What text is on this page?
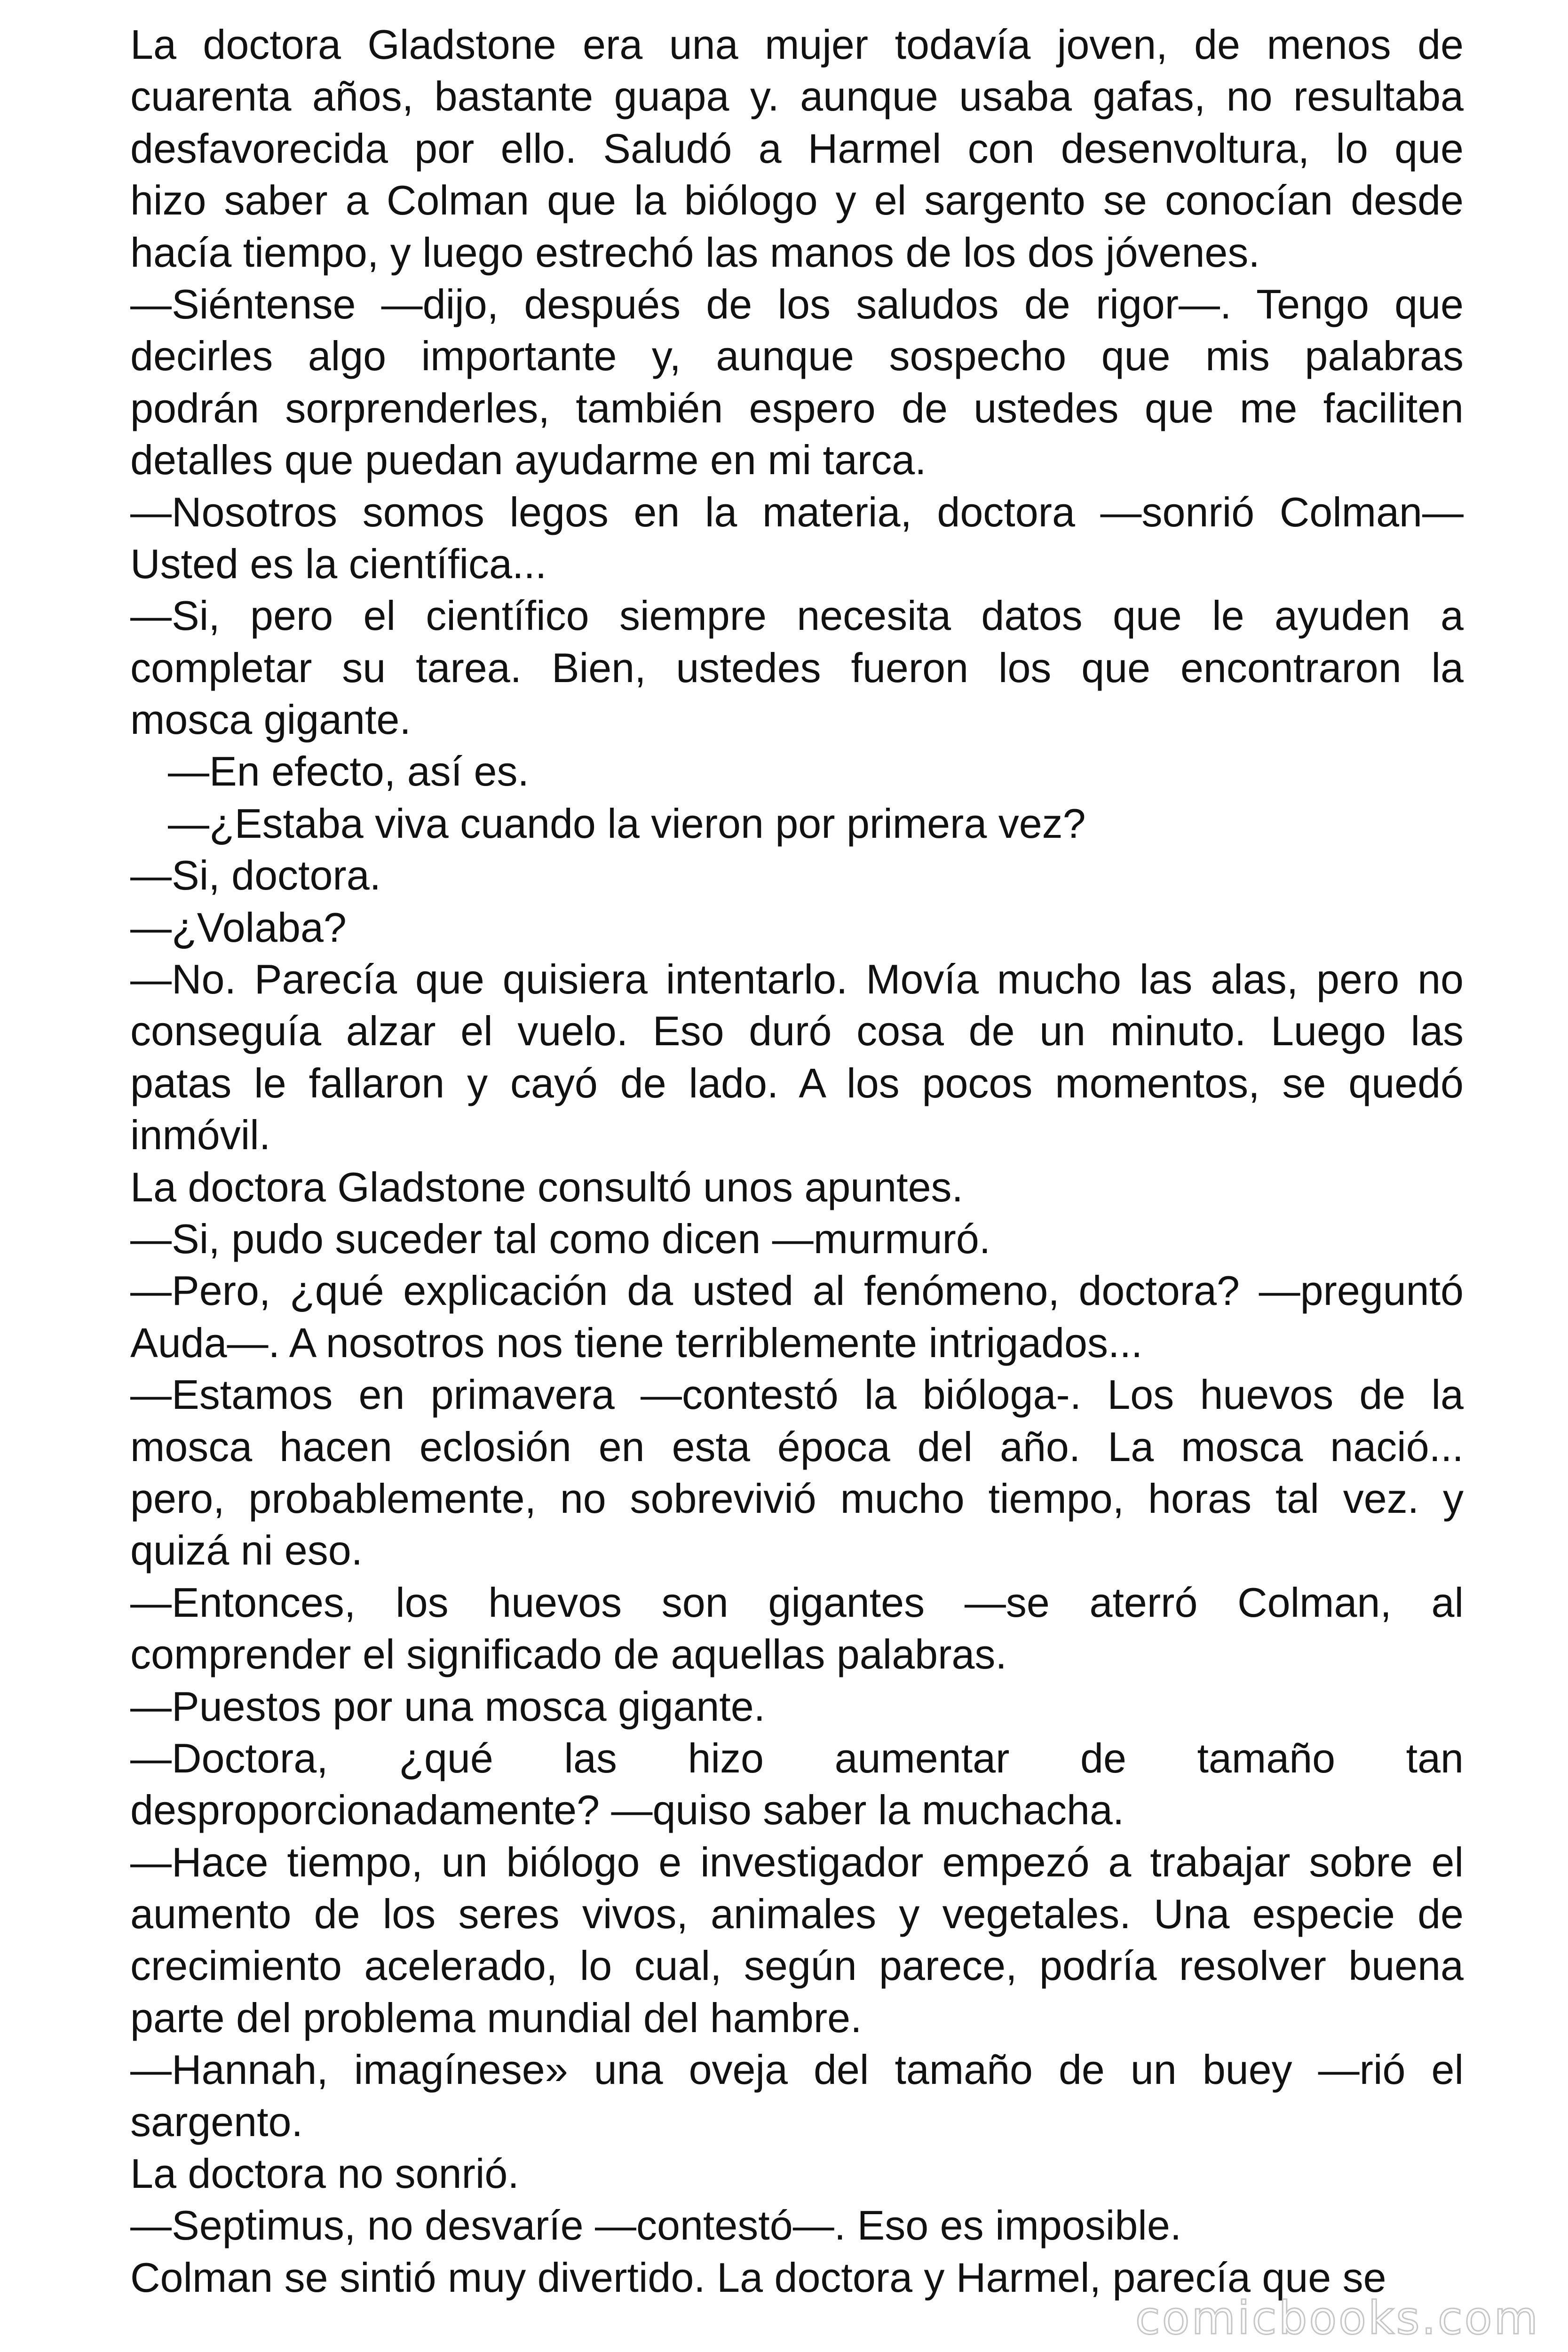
La doctora Gladstone era una mujer todavía joven, de menos de
cuarenta años, bastante guapa y. aunque usaba gafas, no resultaba
desfavorecida por ello. Saludó a Harmel con desenvoltura, lo que
hizo saber a Colman que la biólogo y el sargento se conocían desde
hacía tiempo, y luego estrechó las manos de los dos jóvenes.
—Siéntense —dijo, después de los saludos de rigor—. Tengo que
decirles algo importante y, aunque sospecho que mis palabras
podrán sorprenderles, también espero de ustedes que me faciliten
detalles que puedan ayudarme en mi tarca.
—Nosotros somos legos en la materia, doctora —sonrió Colman—
Usted es la científica...
—Si, pero el científico siempre necesita datos que le ayuden a
completar su tarea. Bien, ustedes fueron los que encontraron la
mosca gigante.
—En efecto, así es.
—¿Estaba viva cuando la vieron por primera vez?
—Si, doctora.
—¿Volaba?
—No. Parecía que quisiera intentarlo. Movía mucho las alas, pero no
conseguía alzar el vuelo. Eso duró cosa de un minuto. Luego las
patas le fallaron y cayó de lado. A los pocos momentos, se quedó
inmóvil.
La doctora Gladstone consultó unos apuntes.
—Si, pudo suceder tal como dicen —murmuró.
—Pero, ¿qué explicación da usted al fenómeno, doctora? —preguntó
Auda—. A nosotros nos tiene terriblemente intrigados...
—Estamos en primavera —contestó la bióloga-. Los huevos de la
mosca hacen eclosión en esta época del año. La mosca nació...
pero, probablemente, no sobrevivió mucho tiempo, horas tal vez. y
quizá ni eso.
—Entonces, los huevos son gigantes —se aterró Colman, al
comprender el significado de aquellas palabras.
—Puestos por una mosca gigante.
—Doctora, ¿qué las hizo aumentar de tamaño tan
desproporcionadamente? —quiso saber la muchacha.
—Hace tiempo, un biólogo e investigador empezó a trabajar sobre el
aumento de los seres vivos, animales y vegetales. Una especie de
crecimiento acelerado, lo cual, según parece, podría resolver buena
parte del problema mundial del hambre.
—Hannah, imagínese» una oveja del tamaño de un buey —rió el
sargento.
La doctora no sonrió.
—Septimus, no desvaríe —contestó—. Eso es imposible.
Colman se sintió muy divertido. La doctora y Harmel, parecía que se
comicbooks.com
